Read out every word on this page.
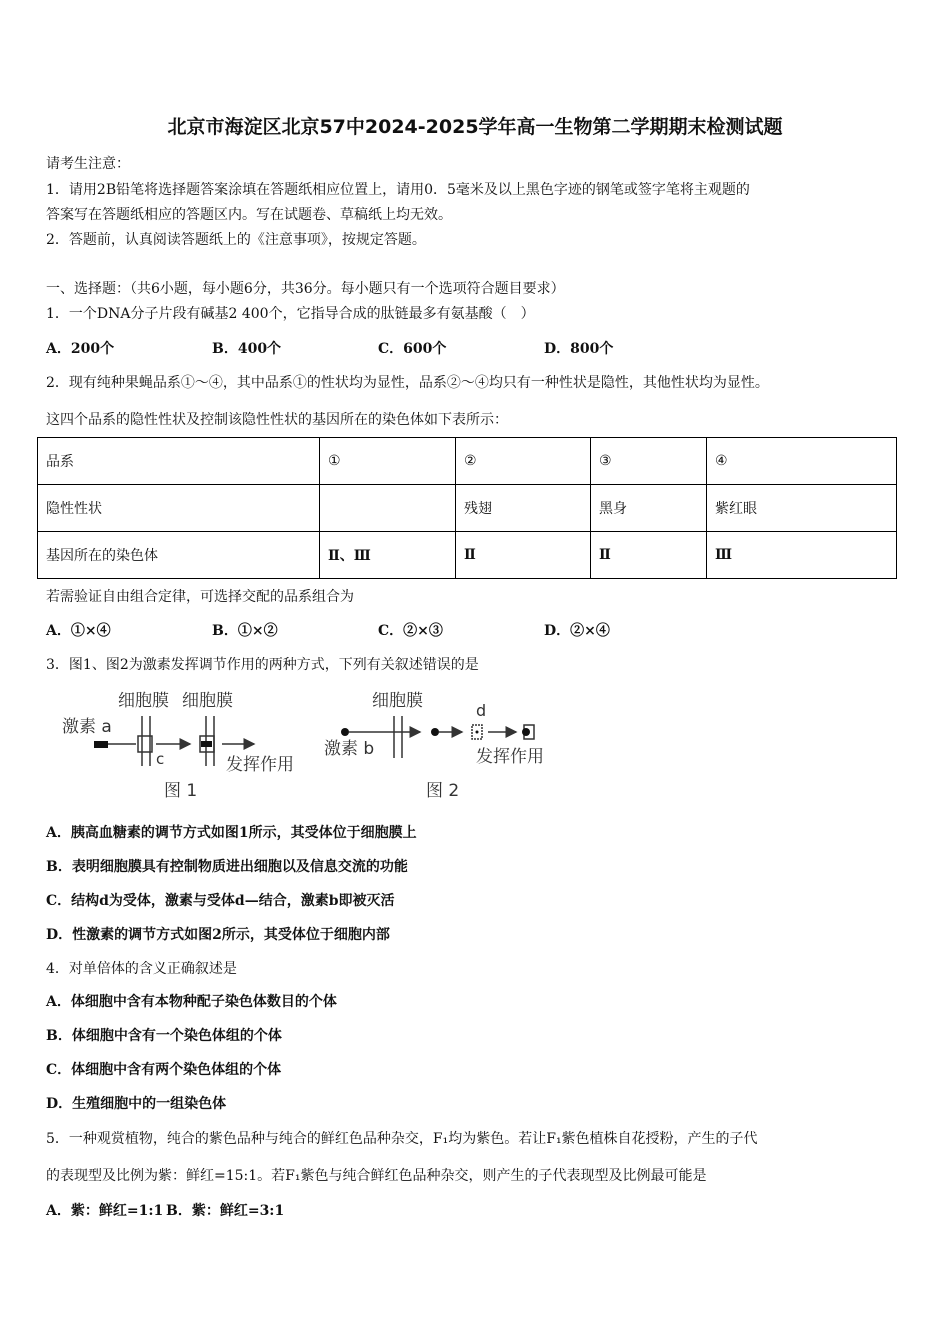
北京市海淀区北京57中2024-2025学年高一生物第二学期期末检测试题
请考生注意：
1．请用2B铅笔将选择题答案涂填在答题纸相应位置上，请用0．5毫米及以上黑色字迹的钢笔或签字笔将主观题的
答案写在答题纸相应的答题区内。写在试题卷、草稿纸上均无效。
2．答题前，认真阅读答题纸上的《注意事项》，按规定答题。
一、选择题：（共6小题，每小题6分，共36分。每小题只有一个选项符合题目要求）
1．一个DNA分子片段有碱基2 400个，它指导合成的肽链最多有氨基酸（　）
A．200个	B．400个	C．600个	D．800个
2．现有纯种果蝇品系①～④，其中品系①的性状均为显性，品系②～④均只有一种性状是隐性，其他性状均为显性。
这四个品系的隐性性状及控制该隐性性状的基因所在的染色体如下表所示：
品系	①	②	③	④
隐性性状		残翅	黑身	紫红眼
基因所在的染色体	Ⅱ、Ⅲ	Ⅱ	Ⅱ	Ⅲ
若需验证自由组合定律，可选择交配的品系组合为
A．①×④	B．①×②	C．②×③	D．②×④
3．图1、图2为激素发挥调节作用的两种方式，下列有关叙述错误的是
细胞膜 细胞膜
激素 a
c	发挥作用
图 1
细胞膜	d
激素 b	发挥作用
图 2
A．胰高血糖素的调节方式如图1所示，其受体位于细胞膜上
B．表明细胞膜具有控制物质进出细胞以及信息交流的功能
C．结构d为受体，激素与受体d—结合，激素b即被灭活
D．性激素的调节方式如图2所示，其受体位于细胞内部
4．对单倍体的含义正确叙述是
A．体细胞中含有本物种配子染色体数目的个体
B．体细胞中含有一个染色体组的个体
C．体细胞中含有两个染色体组的个体
D．生殖细胞中的一组染色体
5．一种观赏植物，纯合的紫色品种与纯合的鲜红色品种杂交，F₁均为紫色。若让F₁紫色植株自花授粉，产生的子代
的表现型及比例为紫：鲜红=15:1。若F₁紫色与纯合鲜红色品种杂交，则产生的子代表现型及比例最可能是
A．紫：鲜红=1:1 B．紫：鲜红=3:1
